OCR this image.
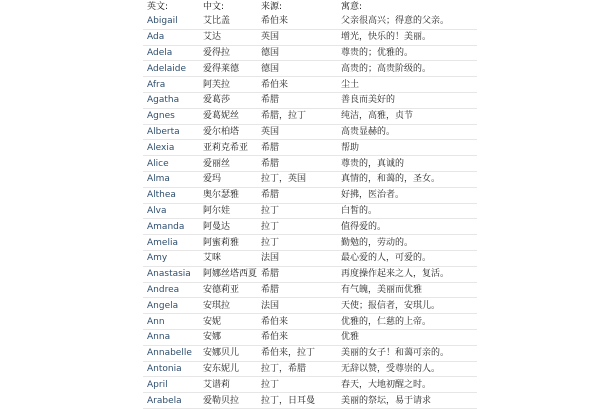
英文:	中文:	来源:	寓意:
Abigail	艾比盖	希伯来	父亲很高兴；得意的父亲。
Ada	艾达	英国	增光，快乐的！美丽。
Adela	爱得拉	德国	尊贵的；优雅的。
Adelaide	爱得莱德	德国	高贵的；高贵阶级的。
Afra	阿芙拉	希伯来	尘土
Agatha	爱葛莎	希腊	善良而美好的
Agnes	爱葛妮丝	希腊，拉丁	纯洁，高雅，贞节
Alberta	爱尔柏塔	英国	高贵显赫的。
Alexia	亚莉克希亚	希腊	帮助
Alice	爱丽丝	希腊	尊贵的，真诚的
Alma	爱玛	拉丁，英国	真情的，和蔼的，圣女。
Althea	奥尔瑟雅	希腊	好拂，医治者。
Alva	阿尔娃	拉丁	白皙的。
Amanda	阿曼达	拉丁	值得爱的。
Amelia	阿蜜莉雅	拉丁	勤勉的，劳动的。
Amy	艾咪	法国	最心爱的人，可爱的。
Anastasia	阿娜丝塔西夏	希腊	再度操作起来之人，复活。
Andrea	安德莉亚	希腊	有气魄，美丽而优雅
Angela	安琪拉	法国	天使；报信者，安琪儿。
Ann	安妮	希伯来	优雅的，仁慈的上帝。
Anna	安娜	希伯来	优雅
Annabelle	安娜贝儿	希伯来，拉丁	美丽的女子！和蔼可亲的。
Antonia	安东妮儿	拉丁，希腊	无辞以赞，受尊崇的人。
April	艾谱莉	拉丁	春天，大地初醒之时。
Arabela	爱勒贝拉	拉丁，日耳曼	美丽的祭坛，易于请求
